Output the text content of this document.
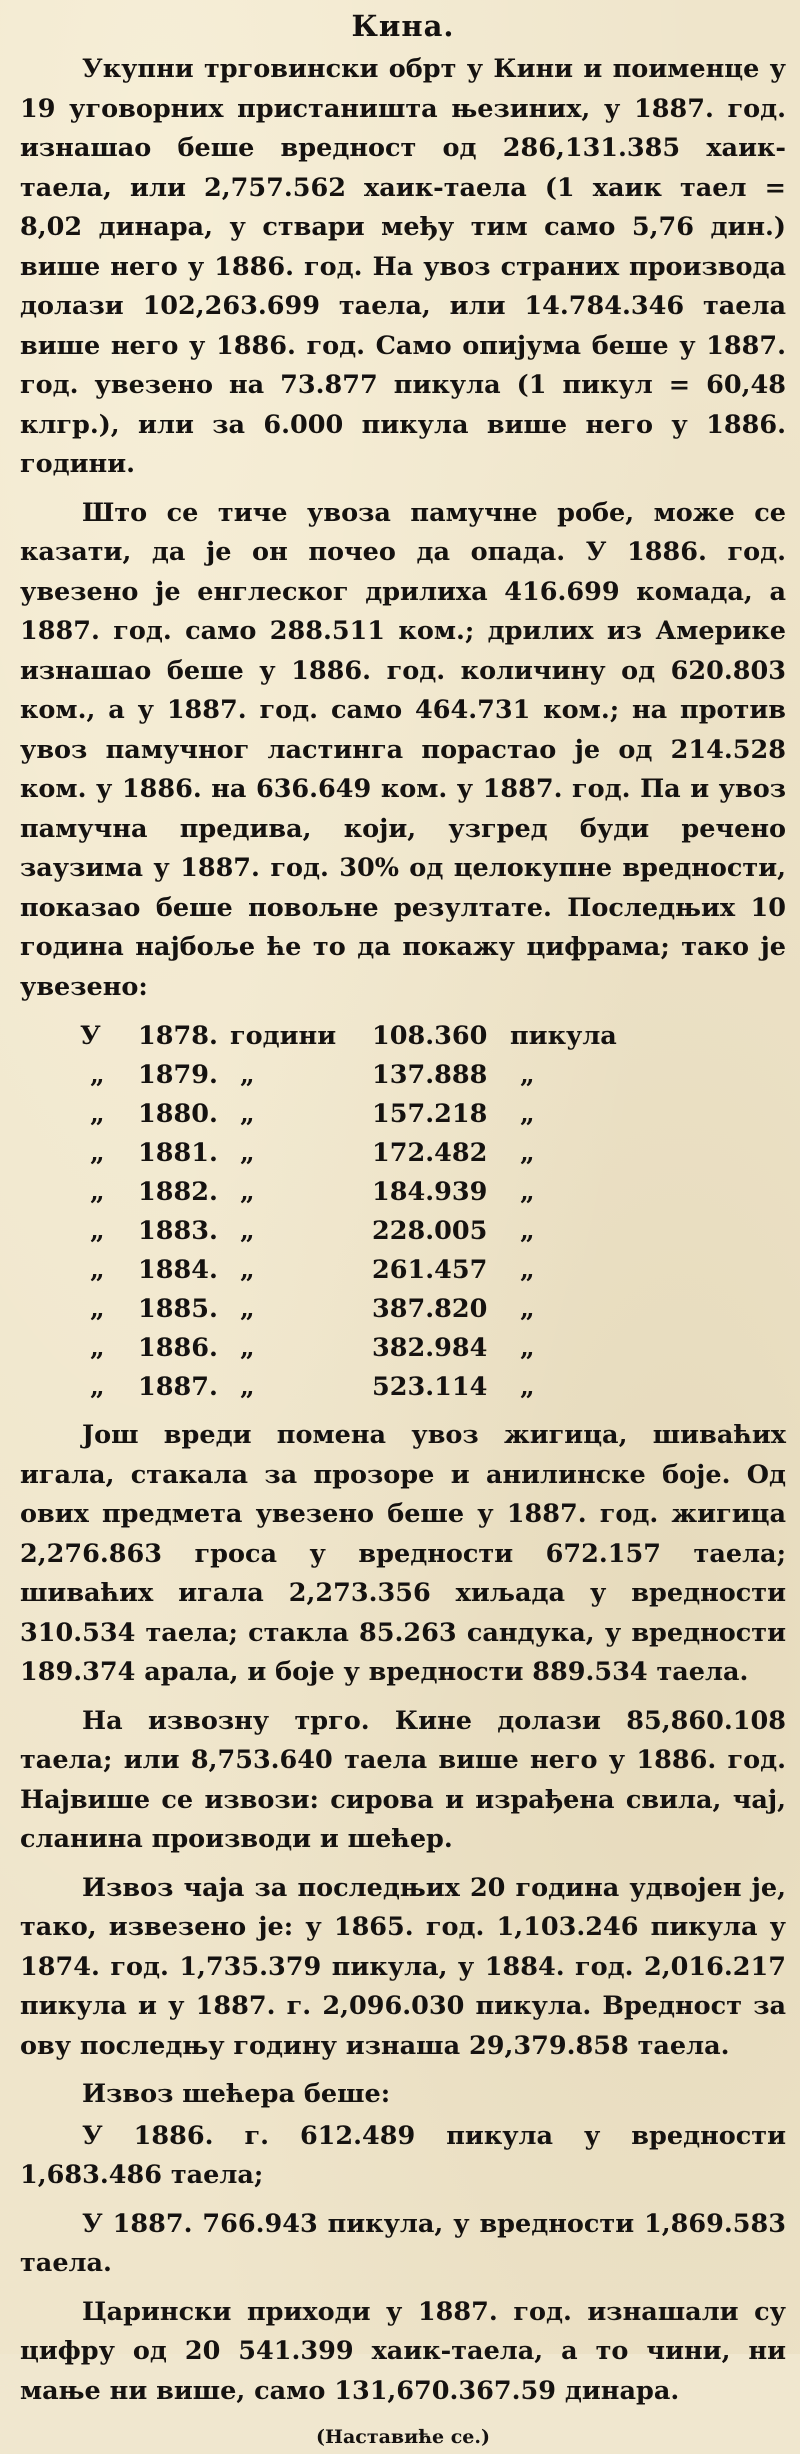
Кина.
Укупни трговински обрт у Кини и поименце у 19 уговорних пристаништа њезиних, у 1887. год. изнашао беше вредност од 286,131.385 хаик-таела, или 2,757.562 хаик-таела (1 хаик таел = 8,02 динара, у ствари међу тим само 5,76 дин.) више него у 1886. год. На увоз страних производа долази 102,263.699 таела, или 14.784.346 таела више него у 1886. год. Само опијума беше у 1887. год. увезено на 73.877 пикула (1 пикул = 60,48 клгр.), или за 6.000 пикула више него у 1886. години.
Што се тиче увоза памучне робе, може се казати, да је он почео да опада. У 1886. год. увезено је енглеског дрилиха 416.699 комада, а 1887. год. само 288.511 ком.; дрилих из Америке изнашао беше у 1886. год. количину од 620.803 ком., а у 1887. год. само 464.731 ком.; на против увоз памучног ластинга порастао је од 214.528 ком. у 1886. на 636.649 ком. у 1887. год. Па и увоз памучна предива, који, узгред буди речено заузима у 1887. год. 30% од целокупне вредности, показао беше повољне резултате. Последњих 10 година најбоље ће то да покажу цифрама; тако је увезено:
У	1878.	години	108.360	пикула
„	1879.	„	137.888	„
„	1880.	„	157.218	„
„	1881.	„	172.482	„
„	1882.	„	184.939	„
„	1883.	„	228.005	„
„	1884.	„	261.457	„
„	1885.	„	387.820	„
„	1886.	„	382.984	„
„	1887.	„	523.114	„
Још вреди помена увоз жигица, шиваћих игала, стакала за прозоре и анилинске боје. Од ових предмета увезено беше у 1887. год. жигица 2,276.863 гроса у вредности 672.157 таела; шиваћих игала 2,273.356 хиљада у вредности 310.534 таела; стакла 85.263 сандука, у вредности 189.374 арала, и боје у вредности 889.534 таела.
На извозну трго. Кине долази 85,860.108 таела; или 8,753.640 таела више него у 1886. год. Највише се извози: сирова и израђена свила, чај, сланина производи и шећер.
Извоз чаја за последњих 20 година удвојен је, тако, извезено је: у 1865. год. 1,103.246 пикула у 1874. год. 1,735.379 пикула, у 1884. год. 2,016.217 пикула и у 1887. г. 2,096.030 пикула. Вредност за ову последњу годину изнаша 29,379.858 таела.
Извоз шећера беше:
У 1886. г. 612.489 пикула у вредности 1,683.486 таела;
У 1887. 766.943 пикула, у вредности 1,869.583 таела.
Царински приходи у 1887. год. изнашали су цифру од 20 541.399 хаик-таела, а то чини, ни мање ни више, само 131,670.367.59 динара.
(Наставиће се.)
